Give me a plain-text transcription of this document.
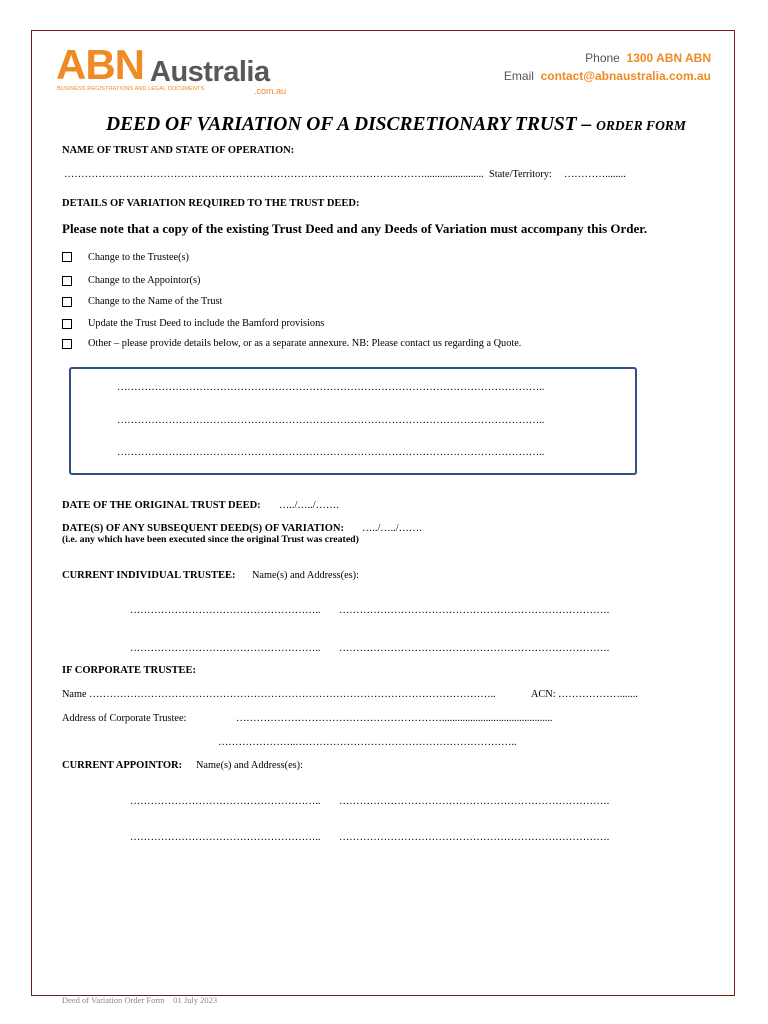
ABN Australia
BUSINESS REGISTRATIONS AND LEGAL DOCUMENTS	.com.au
Phone 1300 ABN ABN
Email contact@abnaustralia.com.au
DEED OF VARIATION OF A DISCRETIONARY TRUST – ORDER FORM
NAME OF TRUST AND STATE OF OPERATION:
……………………………………………………………………………………………....................... State/Territory: …………........
DETAILS OF VARIATION REQUIRED TO THE TRUST DEED:
Please note that a copy of the existing Trust Deed and any Deeds of Variation must accompany this Order.
Change to the Trustee(s)
Change to the Appointor(s)
Change to the Name of the Trust
Update the Trust Deed to include the Bamford provisions
Other – please provide details below, or as a separate annexure. NB: Please contact us regarding a Quote.
……………………………………………………………………………………………………………..
……………………………………………………………………………………………………………..
……………………………………………………………………………………………………………..
DATE OF THE ORIGINAL TRUST DEED: …../…../…….
DATE(S) OF ANY SUBSEQUENT DEED(S) OF VARIATION: …../…../…….
(i.e. any which have been executed since the original Trust was created)
CURRENT INDIVIDUAL TRUSTEE: Name(s) and Address(es):
……………………………………………….. …………………………………………………………………….
……………………………………………….. …………………………………………………………………….
IF CORPORATE TRUSTEE:
Name ………………………………………………………………………………………………………..	ACN: ……………….......
Address of Corporate Trustee:	……………………………………………………...........................................
…………………..………………………………………………………..
CURRENT APPOINTOR: Name(s) and Address(es):
……………………………………………….. …………………………………………………………………….
……………………………………………….. …………………………………………………………………….
Deed of Variation Order Form 01 July 2023
